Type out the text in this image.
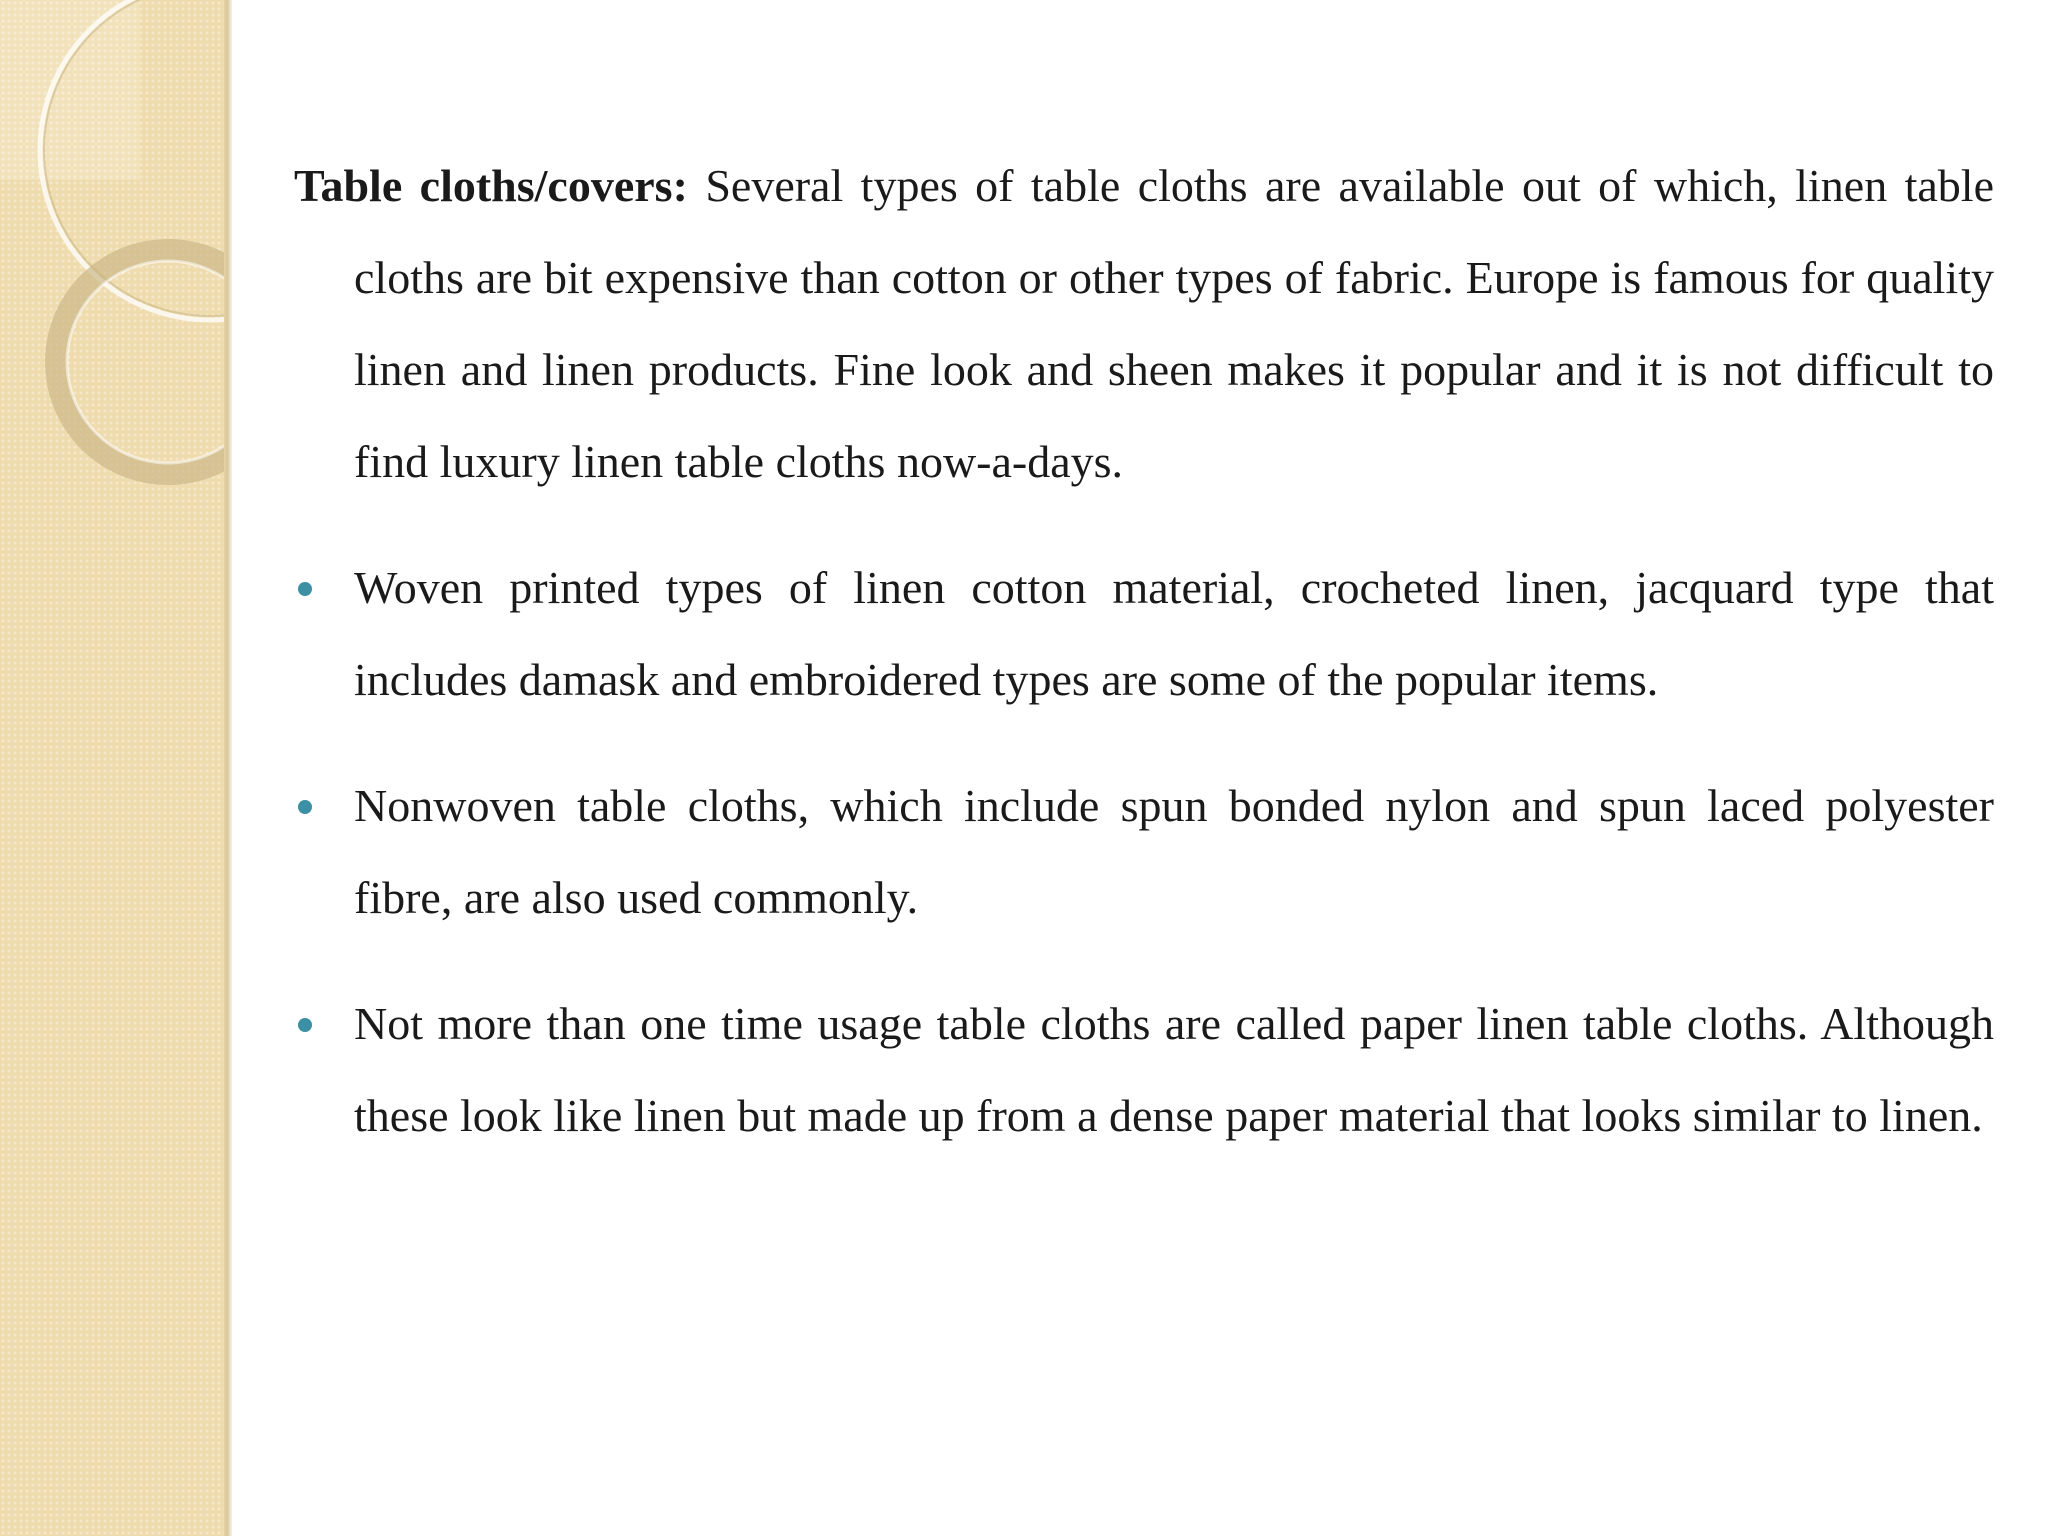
Table cloths/covers: Several types of table cloths are available out of which, linen table cloths are bit expensive than cotton or other types of fabric. Europe is famous for quality linen and linen products. Fine look and sheen makes it popular and it is not difficult to find luxury linen table cloths now-a-days.

Woven printed types of linen cotton material, crocheted linen, jacquard type that includes damask and embroidered types are some of the popular items.

Nonwoven table cloths, which include spun bonded nylon and spun laced polyester fibre, are also used commonly.

Not more than one time usage table cloths are called paper linen table cloths. Although these look like linen but made up from a dense paper material that looks similar to linen.
